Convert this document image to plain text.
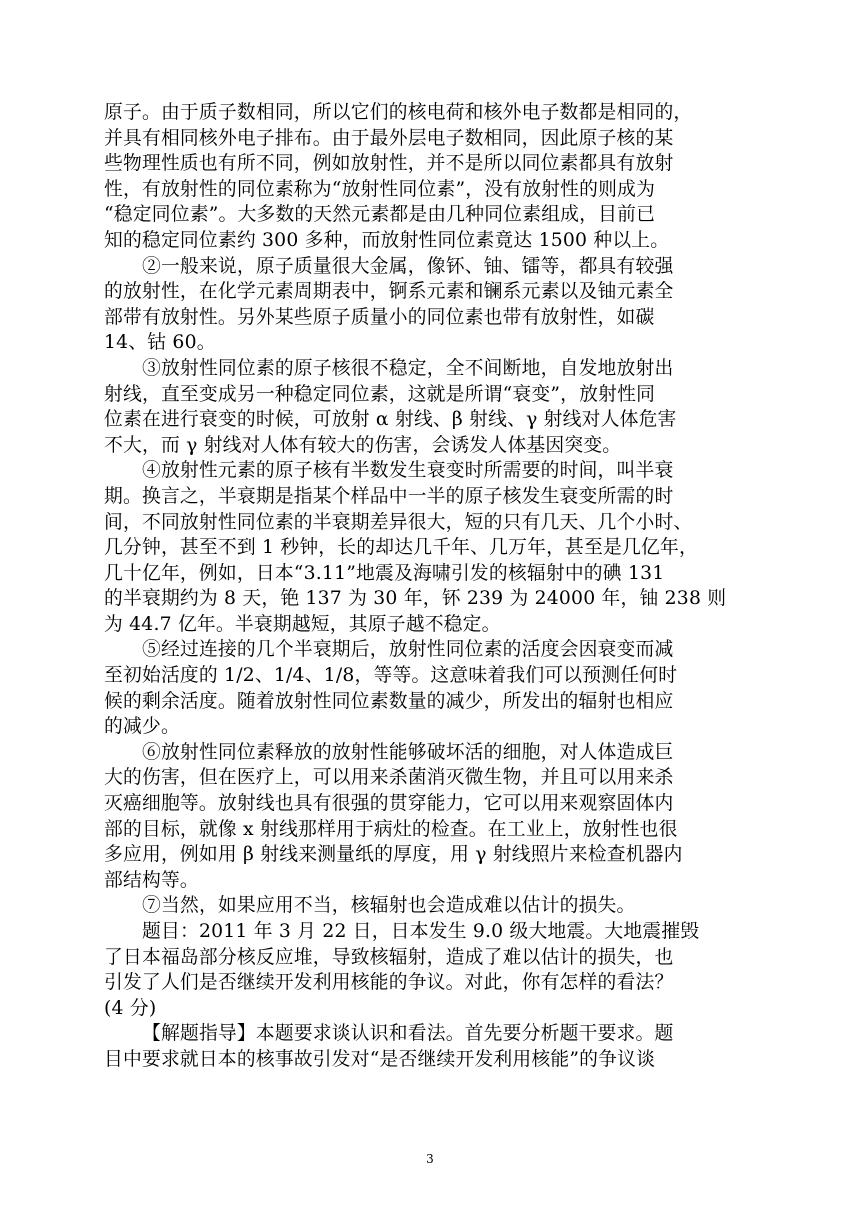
原子。由于质子数相同，所以它们的核电荷和核外电子数都是相同的，
并具有相同核外电子排布。由于最外层电子数相同，因此原子核的某
些物理性质也有所不同，例如放射性，并不是所以同位素都具有放射
性，有放射性的同位素称为“放射性同位素”，没有放射性的则成为
“稳定同位素”。大多数的天然元素都是由几种同位素组成，目前已
知的稳定同位素约 300 多种，而放射性同位素竟达 1500 种以上。
②一般来说，原子质量很大金属，像钚、铀、镭等，都具有较强
的放射性，在化学元素周期表中，锕系元素和镧系元素以及铀元素全
部带有放射性。另外某些原子质量小的同位素也带有放射性，如碳
14、钴 60。
③放射性同位素的原子核很不稳定，全不间断地，自发地放射出
射线，直至变成另一种稳定同位素，这就是所谓“衰变”，放射性同
位素在进行衰变的时候，可放射 α 射线、β 射线、γ 射线对人体危害
不大，而 γ 射线对人体有较大的伤害，会诱发人体基因突变。
④放射性元素的原子核有半数发生衰变时所需要的时间，叫半衰
期。换言之，半衰期是指某个样品中一半的原子核发生衰变所需的时
间，不同放射性同位素的半衰期差异很大，短的只有几天、几个小时、
几分钟，甚至不到 1 秒钟，长的却达几千年、几万年，甚至是几亿年，
几十亿年，例如，日本“3.11”地震及海啸引发的核辐射中的碘 131
的半衰期约为 8 天，铯 137 为 30 年，钚 239 为 24000 年，铀 238 则
为 44.7 亿年。半衰期越短，其原子越不稳定。
⑤经过连接的几个半衰期后，放射性同位素的活度会因衰变而减
至初始活度的 1/2、1/4、1/8，等等。这意味着我们可以预测任何时
候的剩余活度。随着放射性同位素数量的减少，所发出的辐射也相应
的减少。
⑥放射性同位素释放的放射性能够破坏活的细胞，对人体造成巨
大的伤害，但在医疗上，可以用来杀菌消灭微生物，并且可以用来杀
灭癌细胞等。放射线也具有很强的贯穿能力，它可以用来观察固体内
部的目标，就像 x 射线那样用于病灶的检查。在工业上，放射性也很
多应用，例如用 β 射线来测量纸的厚度，用 γ 射线照片来检查机器内
部结构等。
⑦当然，如果应用不当，核辐射也会造成难以估计的损失。
题目：2011 年 3 月 22 日，日本发生 9.0 级大地震。大地震摧毁
了日本福岛部分核反应堆，导致核辐射，造成了难以估计的损失，也
引发了人们是否继续开发利用核能的争议。对此，你有怎样的看法？
(4 分)
【解题指导】本题要求谈认识和看法。首先要分析题干要求。题
目中要求就日本的核事故引发对“是否继续开发利用核能”的争议谈
3
